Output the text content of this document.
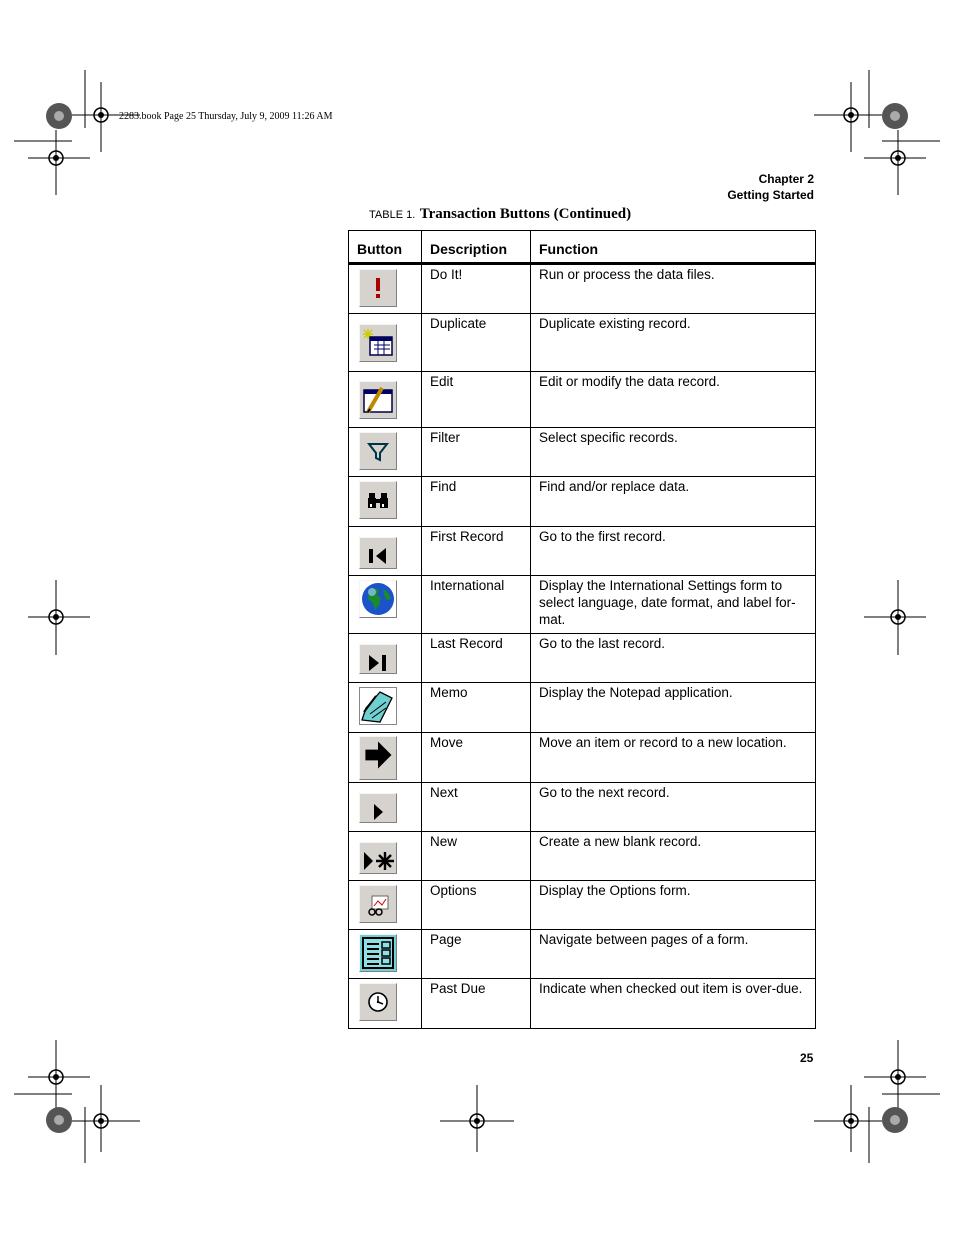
2283.book Page 25 Thursday, July 9, 2009 11:26 AM
Chapter 2
Getting Started
TABLE 1. Transaction Buttons (Continued)
Button	Description	Function

	Do It!	Run or process the data files.

	Duplicate	Duplicate existing record.

	Edit	Edit or modify the data record.

	Filter	Select specific records.

	Find	Find and/or replace data.

	First Record	Go to the first record.

	International	Display the International Settings form to select language, date format, and label for-mat.

	Last Record	Go to the last record.

	Memo	Display the Notepad application.

	Move	Move an item or record to a new location.

	Next	Go to the next record.

	New	Create a new blank record.

	Options	Display the Options form.

	Page	Navigate between pages of a form.

	Past Due	Indicate when checked out item is over-due.
25
